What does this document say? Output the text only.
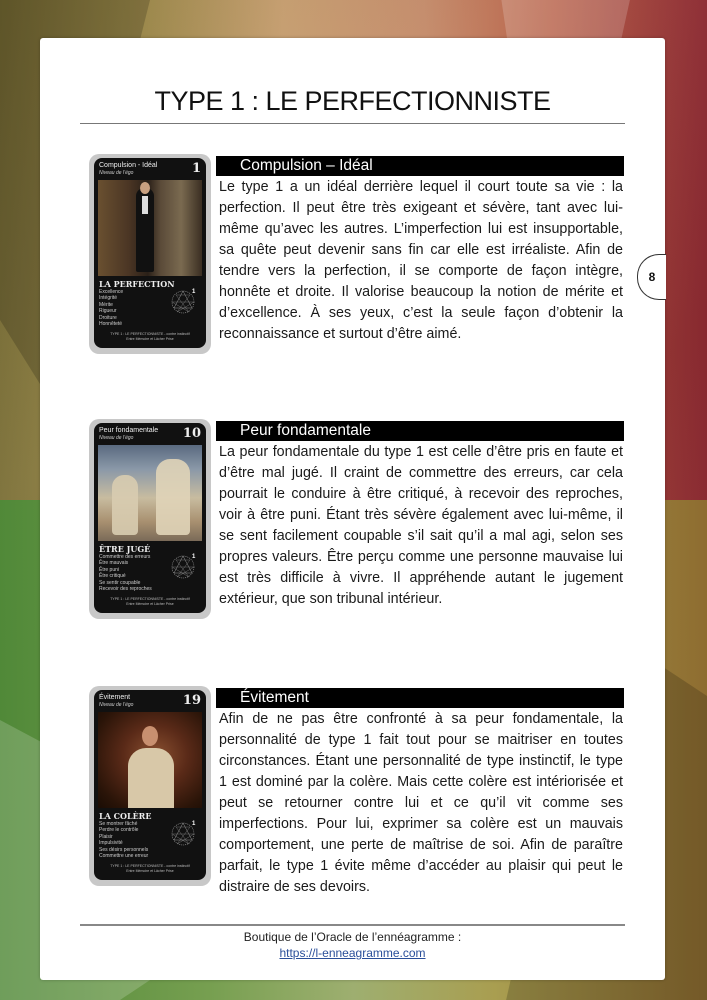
TYPE 1 : LE PERFECTIONNISTE
8
Compulsion - Idéal
Niveau de l’égo	1
LA PERFECTION
Excellence
Intégrité
Mérite
Rigueur
Droiture
Honnêteté
1
TYPE 1 : LE PERFECTIONNISTE - contre instinctif
Entre Mémoire et Lâcher Prise
Compulsion – Idéal
Le type 1 a un idéal derrière lequel il court toute sa vie : la perfection. Il peut être très exigeant et sévère, tant avec lui-même qu’avec les autres. L’imperfection lui est insupportable, sa quête peut devenir sans fin car elle est irréaliste. Afin de tendre vers la perfection, il se comporte de façon intègre, honnête et droite. Il valorise beaucoup la notion de mérite et d’excellence. À ses yeux, c’est la seule façon d’obtenir la reconnaissance et surtout d’être aimé.
Peur fondamentale
Niveau de l’égo	10
ÊTRE JUGÉ
Commettre des erreurs
Être mauvais
Être puni
Être critiqué
Se sentir coupable
Recevoir des reproches
1
TYPE 1 : LE PERFECTIONNISTE - contre instinctif
Entre Mémoire et Lâcher Prise
Peur fondamentale
La peur fondamentale du type 1 est celle d’être pris en faute et d’être mal jugé. Il craint de commettre des erreurs, car cela pourrait le conduire à être critiqué, à recevoir des reproches, voir à être puni. Étant très sévère également avec lui-même, il se sent facilement coupable s’il sait qu’il a mal agi, selon ses propres valeurs. Être perçu comme une personne mauvaise lui est très difficile à vivre. Il appréhende autant le jugement extérieur, que son tribunal intérieur.
Évitement
Niveau de l’égo	19
LA COLÈRE
Se montrer fâché
Perdre le contrôle
Plaisir
Impulsivité
Ses désirs personnels
Commettre une erreur
1
TYPE 1 : LE PERFECTIONNISTE - contre instinctif
Entre Mémoire et Lâcher Prise
Évitement
Afin de ne pas être confronté à sa peur fondamentale, la personnalité de type 1 fait tout pour se maitriser en toutes circonstances. Étant une personnalité de type instinctif, le type 1 est dominé par la colère. Mais cette colère est intériorisée et peut se retourner contre lui et ce qu’il vit comme ses imperfections. Pour lui, exprimer sa colère est un mauvais comportement, une perte de maîtrise de soi. Afin de paraître parfait, le type 1 évite même d’accéder au plaisir qui peut le distraire de ses devoirs.
Boutique de l’Oracle de l’ennéagramme :
https://l-enneagramme.com
